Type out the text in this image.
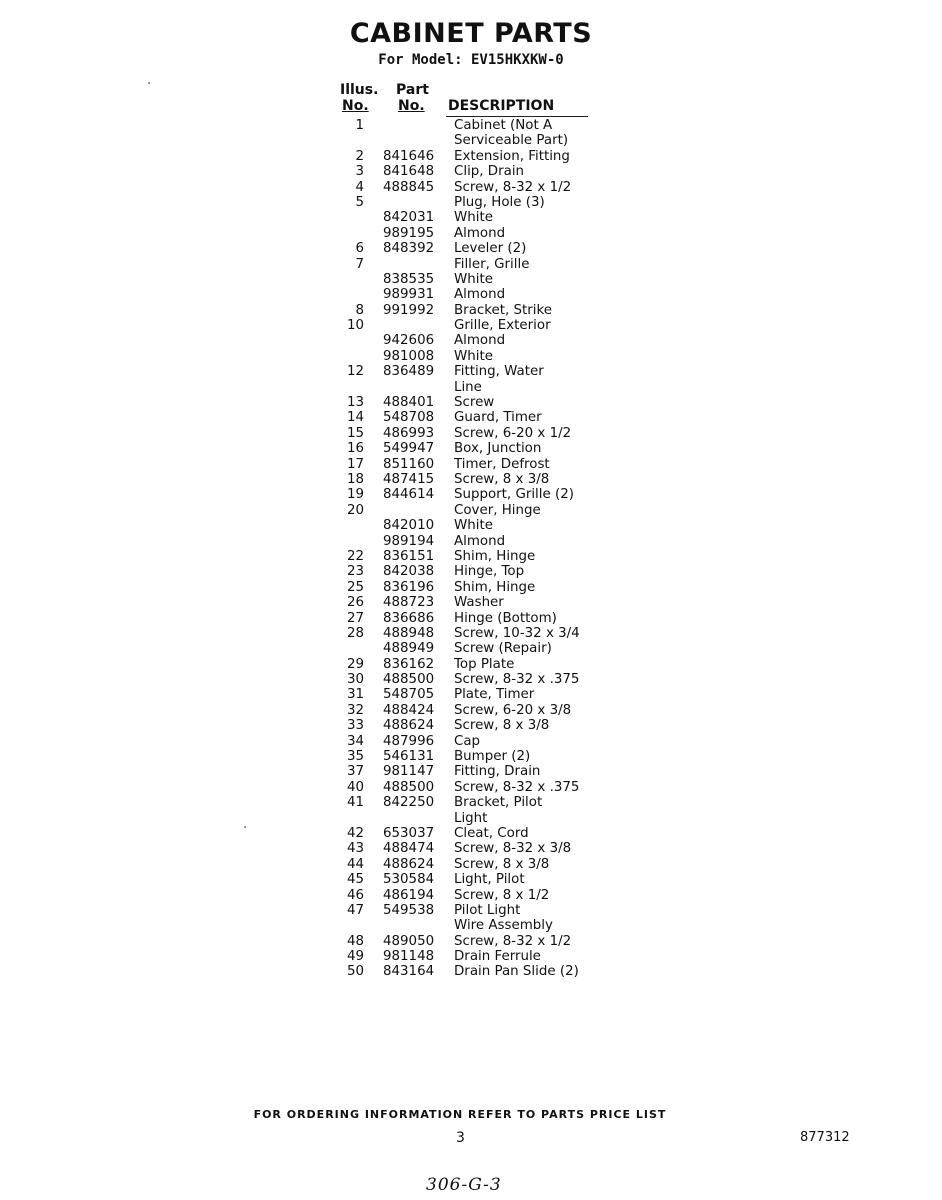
CABINET PARTS
For Model: EV15HKXKW-0
Illus.
No.
Part
No. DESCRIPTION
1	Cabinet (Not A
Serviceable Part)
2 841646 Extension, Fitting
3 841648 Clip, Drain
4 488845 Screw, 8-32 x 1/2
5	Plug, Hole (3)
842031 White
989195 Almond
6 848392 Leveler (2)
7	Filler, Grille
838535 White
989931 Almond
8 991992 Bracket, Strike
10	Grille, Exterior
942606 Almond
981008 White
12 836489 Fitting, Water
Line
13 488401 Screw
14 548708 Guard, Timer
15 486993 Screw, 6-20 x 1/2
16 549947 Box, Junction
17 851160 Timer, Defrost
18 487415 Screw, 8 x 3/8
19 844614 Support, Grille (2)
20	Cover, Hinge
842010 White
989194 Almond
22 836151 Shim, Hinge
23 842038 Hinge, Top
25 836196 Shim, Hinge
26 488723 Washer
27 836686 Hinge (Bottom)
28 488948 Screw, 10-32 x 3/4
488949 Screw (Repair)
29 836162 Top Plate
30 488500 Screw, 8-32 x .375
31 548705 Plate, Timer
32 488424 Screw, 6-20 x 3/8
33 488624 Screw, 8 x 3/8
34 487996 Cap
35 546131 Bumper (2)
37 981147 Fitting, Drain
40 488500 Screw, 8-32 x .375
41 842250 Bracket, Pilot
Light
42 653037 Cleat, Cord
43 488474 Screw, 8-32 x 3/8
44 488624 Screw, 8 x 3/8
45 530584 Light, Pilot
46 486194 Screw, 8 x 1/2
47 549538 Pilot Light
Wire Assembly
48 489050 Screw, 8-32 x 1/2
49 981148 Drain Ferrule
50 843164 Drain Pan Slide (2)
FOR ORDERING INFORMATION REFER TO PARTS PRICE LIST
3	877312
306-G-3
